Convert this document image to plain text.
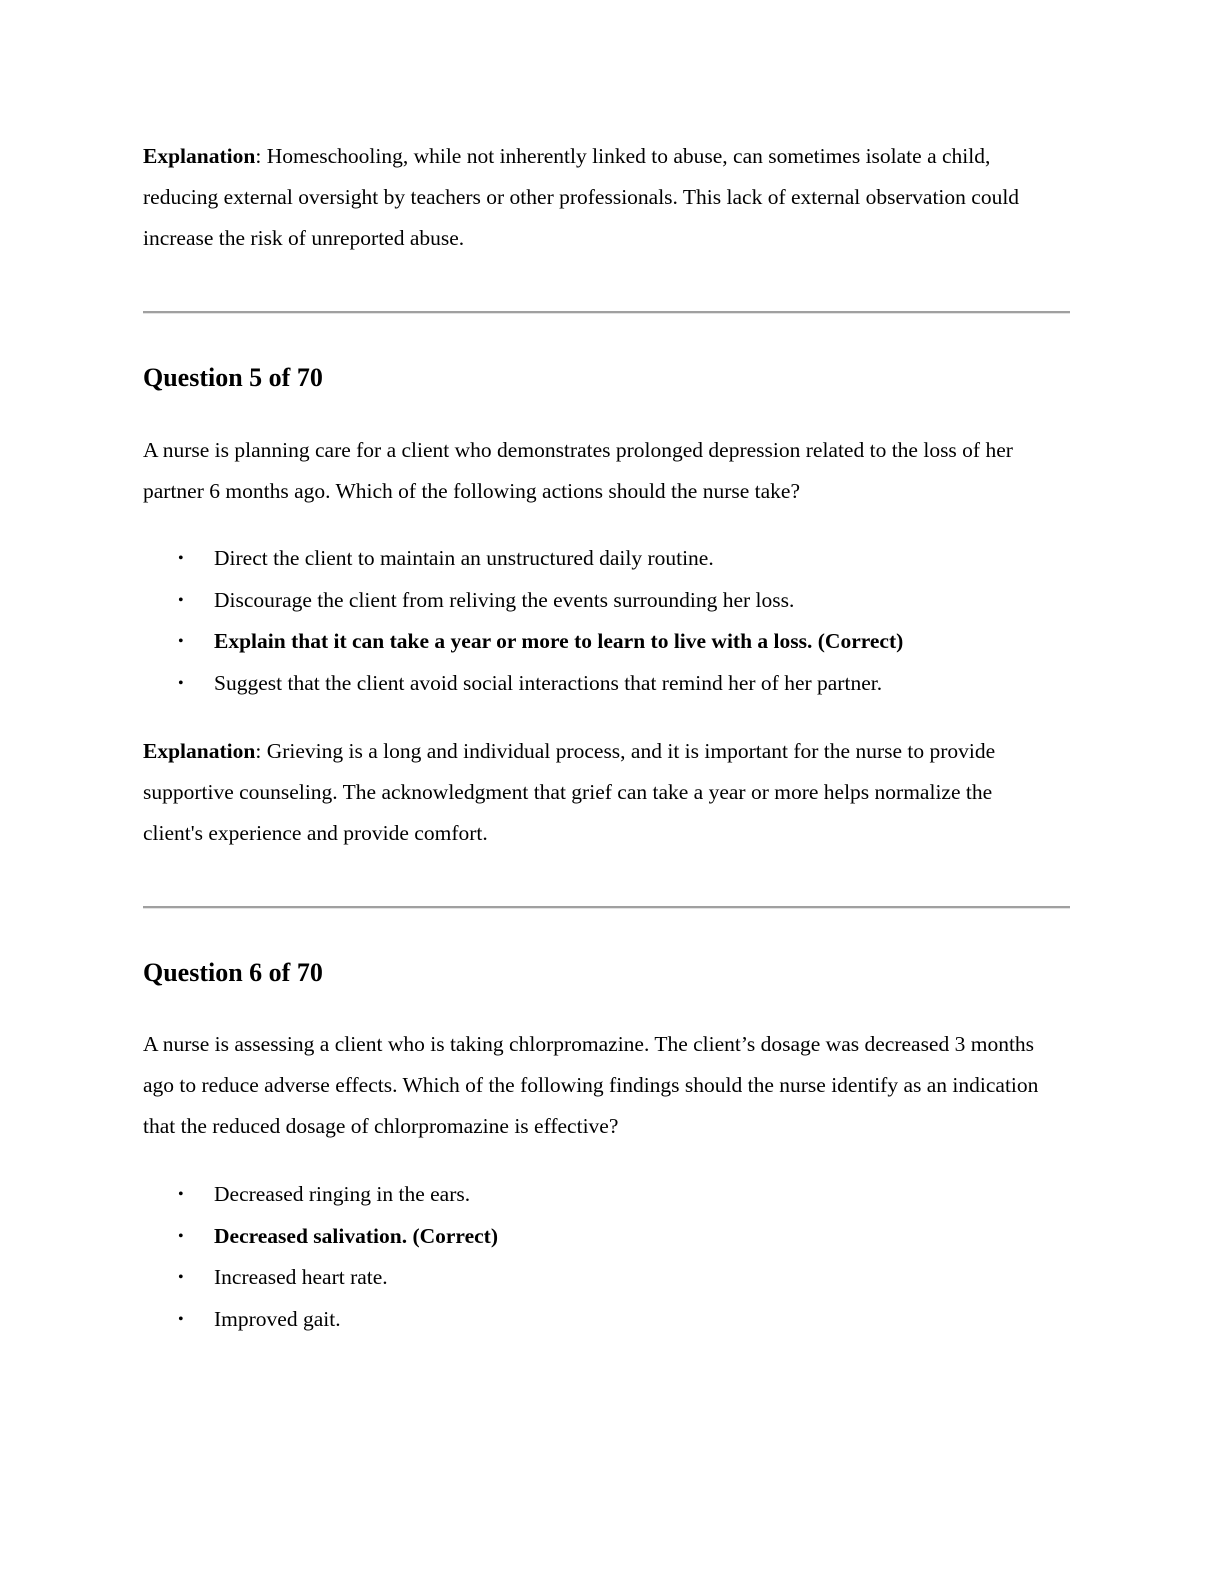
Explanation: Homeschooling, while not inherently linked to abuse, can sometimes isolate a child, reducing external oversight by teachers or other professionals. This lack of external observation could increase the risk of unreported abuse.

Question 5 of 70

A nurse is planning care for a client who demonstrates prolonged depression related to the loss of her partner 6 months ago. Which of the following actions should the nurse take?

• Direct the client to maintain an unstructured daily routine.
• Discourage the client from reliving the events surrounding her loss.
• Explain that it can take a year or more to learn to live with a loss. (Correct)
• Suggest that the client avoid social interactions that remind her of her partner.

Explanation: Grieving is a long and individual process, and it is important for the nurse to provide supportive counseling. The acknowledgment that grief can take a year or more helps normalize the client's experience and provide comfort.

Question 6 of 70

A nurse is assessing a client who is taking chlorpromazine. The client’s dosage was decreased 3 months ago to reduce adverse effects. Which of the following findings should the nurse identify as an indication that the reduced dosage of chlorpromazine is effective?

• Decreased ringing in the ears.
• Decreased salivation. (Correct)
• Increased heart rate.
• Improved gait.
